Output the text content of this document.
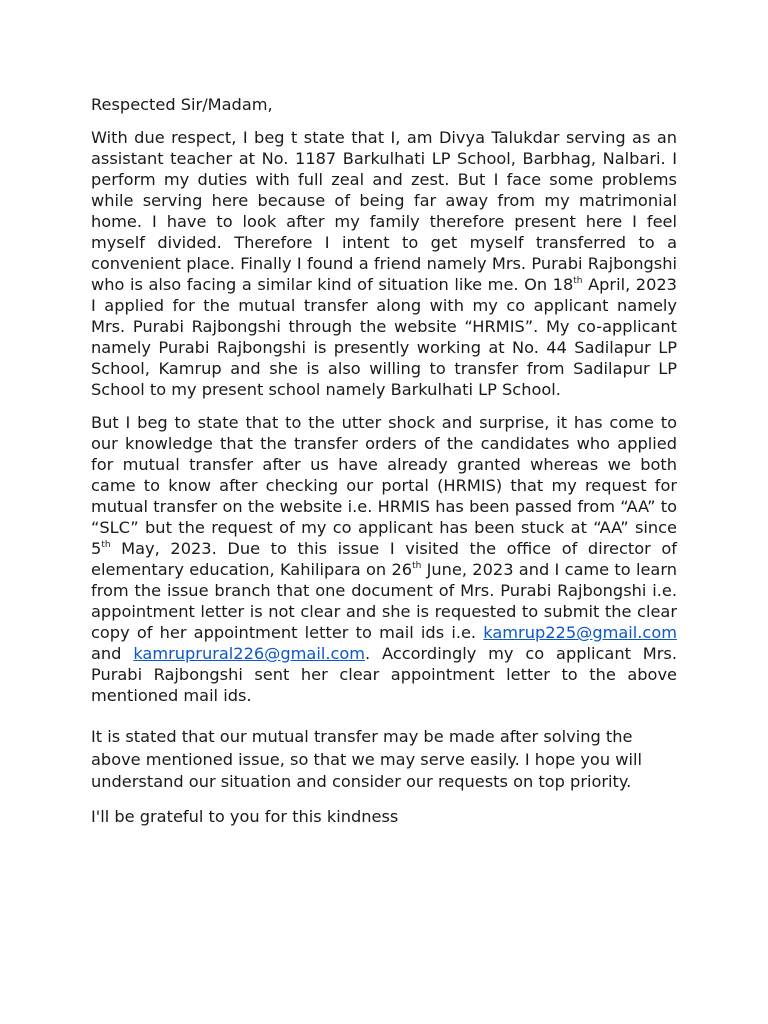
Respected Sir/Madam,

With due respect, I beg t state that I, am Divya Talukdar serving as an assistant teacher at No. 1187 Barkulhati LP School, Barbhag, Nalbari. I perform my duties with full zeal and zest. But I face some problems while serving here because of being far away from my matrimonial home. I have to look after my family therefore present here I feel myself divided. Therefore I intent to get myself transferred to a convenient place. Finally I found a friend namely Mrs. Purabi Rajbongshi who is also facing a similar kind of situation like me. On 18th April, 2023 I applied for the mutual transfer along with my co applicant namely Mrs. Purabi Rajbongshi through the website “HRMIS”. My co-applicant namely Purabi Rajbongshi is presently working at No. 44 Sadilapur LP School, Kamrup and she is also willing to transfer from Sadilapur LP School to my present school namely Barkulhati LP School.

But I beg to state that to the utter shock and surprise, it has come to our knowledge that the transfer orders of the candidates who applied for mutual transfer after us have already granted whereas we both came to know after checking our portal (HRMIS) that my request for mutual transfer on the website i.e. HRMIS has been passed from “AA” to “SLC” but the request of my co applicant has been stuck at “AA” since 5th May, 2023. Due to this issue I visited the office of director of elementary education, Kahilipara on 26th June, 2023 and I came to learn from the issue branch that one document of Mrs. Purabi Rajbongshi i.e. appointment letter is not clear and she is requested to submit the clear copy of her appointment letter to mail ids i.e. kamrup225@gmail.com and kamruprural226@gmail.com. Accordingly my co applicant Mrs. Purabi Rajbongshi sent her clear appointment letter to the above mentioned mail ids.

It is stated that our mutual transfer may be made after solving the above mentioned issue, so that we may serve easily. I hope you will understand our situation and consider our requests on top priority.

I'll be grateful to you for this kindness
